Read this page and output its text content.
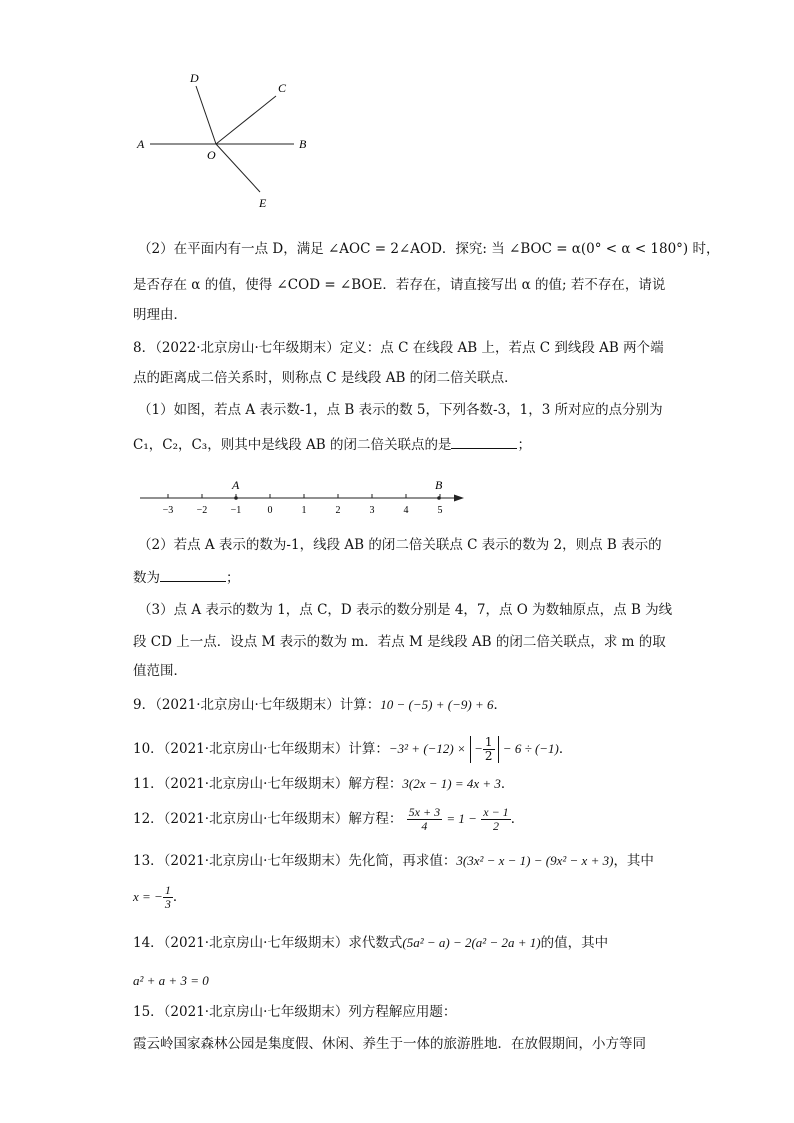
A	B
C
D
E
O
（2）在平面内有一点 D，满足 ∠AOC = 2∠AOD．探究: 当 ∠BOC = α(0° < α < 180°) 时，
是否存在 α 的值，使得 ∠COD = ∠BOE．若存在，请直接写出 α 的值; 若不存在，请说
明理由．
8．（2022·北京房山·七年级期末）定义：点 C 在线段 AB 上，若点 C 到线段 AB 两个端
点的距离成二倍关系时，则称点 C 是线段 AB 的闭二倍关联点．
（1）如图，若点 A 表示数-1，点 B 表示的数 5，下列各数-3，1，3 所对应的点分别为
C₁，C₂，C₃，则其中是线段 AB 的闭二倍关联点的是	；
−3 −2 −1	0	1	2	3	4	5
A	B
（2）若点 A 表示的数为-1，线段 AB 的闭二倍关联点 C 表示的数为 2，则点 B 表示的
数为	；
（3）点 A 表示的数为 1，点 C，D 表示的数分别是 4，7，点 O 为数轴原点，点 B 为线
段 CD 上一点．设点 M 表示的数为 m．若点 M 是线段 AB 的闭二倍关联点，求 m 的取
值范围．
9．（2021·北京房山·七年级期末）计算：10 − (−5) + (−9) + 6．
10．（2021·北京房山·七年级期末）计算：−3² + (−12) × − $\frac{1}{2} - 6 \div (-1)$．
11．（2021·北京房山·七年级期末）解方程：3(2x − 1) = 4x + 3．
12．（2021·北京房山·七年级期末）解方程： $\frac{5x + 3}{4} = 1 - \frac{x - 1}{2}$ ．
13．（2021·北京房山·七年级期末）先化简，再求值：3(3x² − x − 1) − (9x² − x + 3)，其中
x = − $\frac{1}{3}$ ．
14．（2021·北京房山·七年级期末）求代数式(5a² − a) − 2(a² − 2a + 1)的值，其中
a² + a + 3 = 0
15．（2021·北京房山·七年级期末）列方程解应用题：
霞云岭国家森林公园是集度假、休闲、养生于一体的旅游胜地．在放假期间，小方等同
